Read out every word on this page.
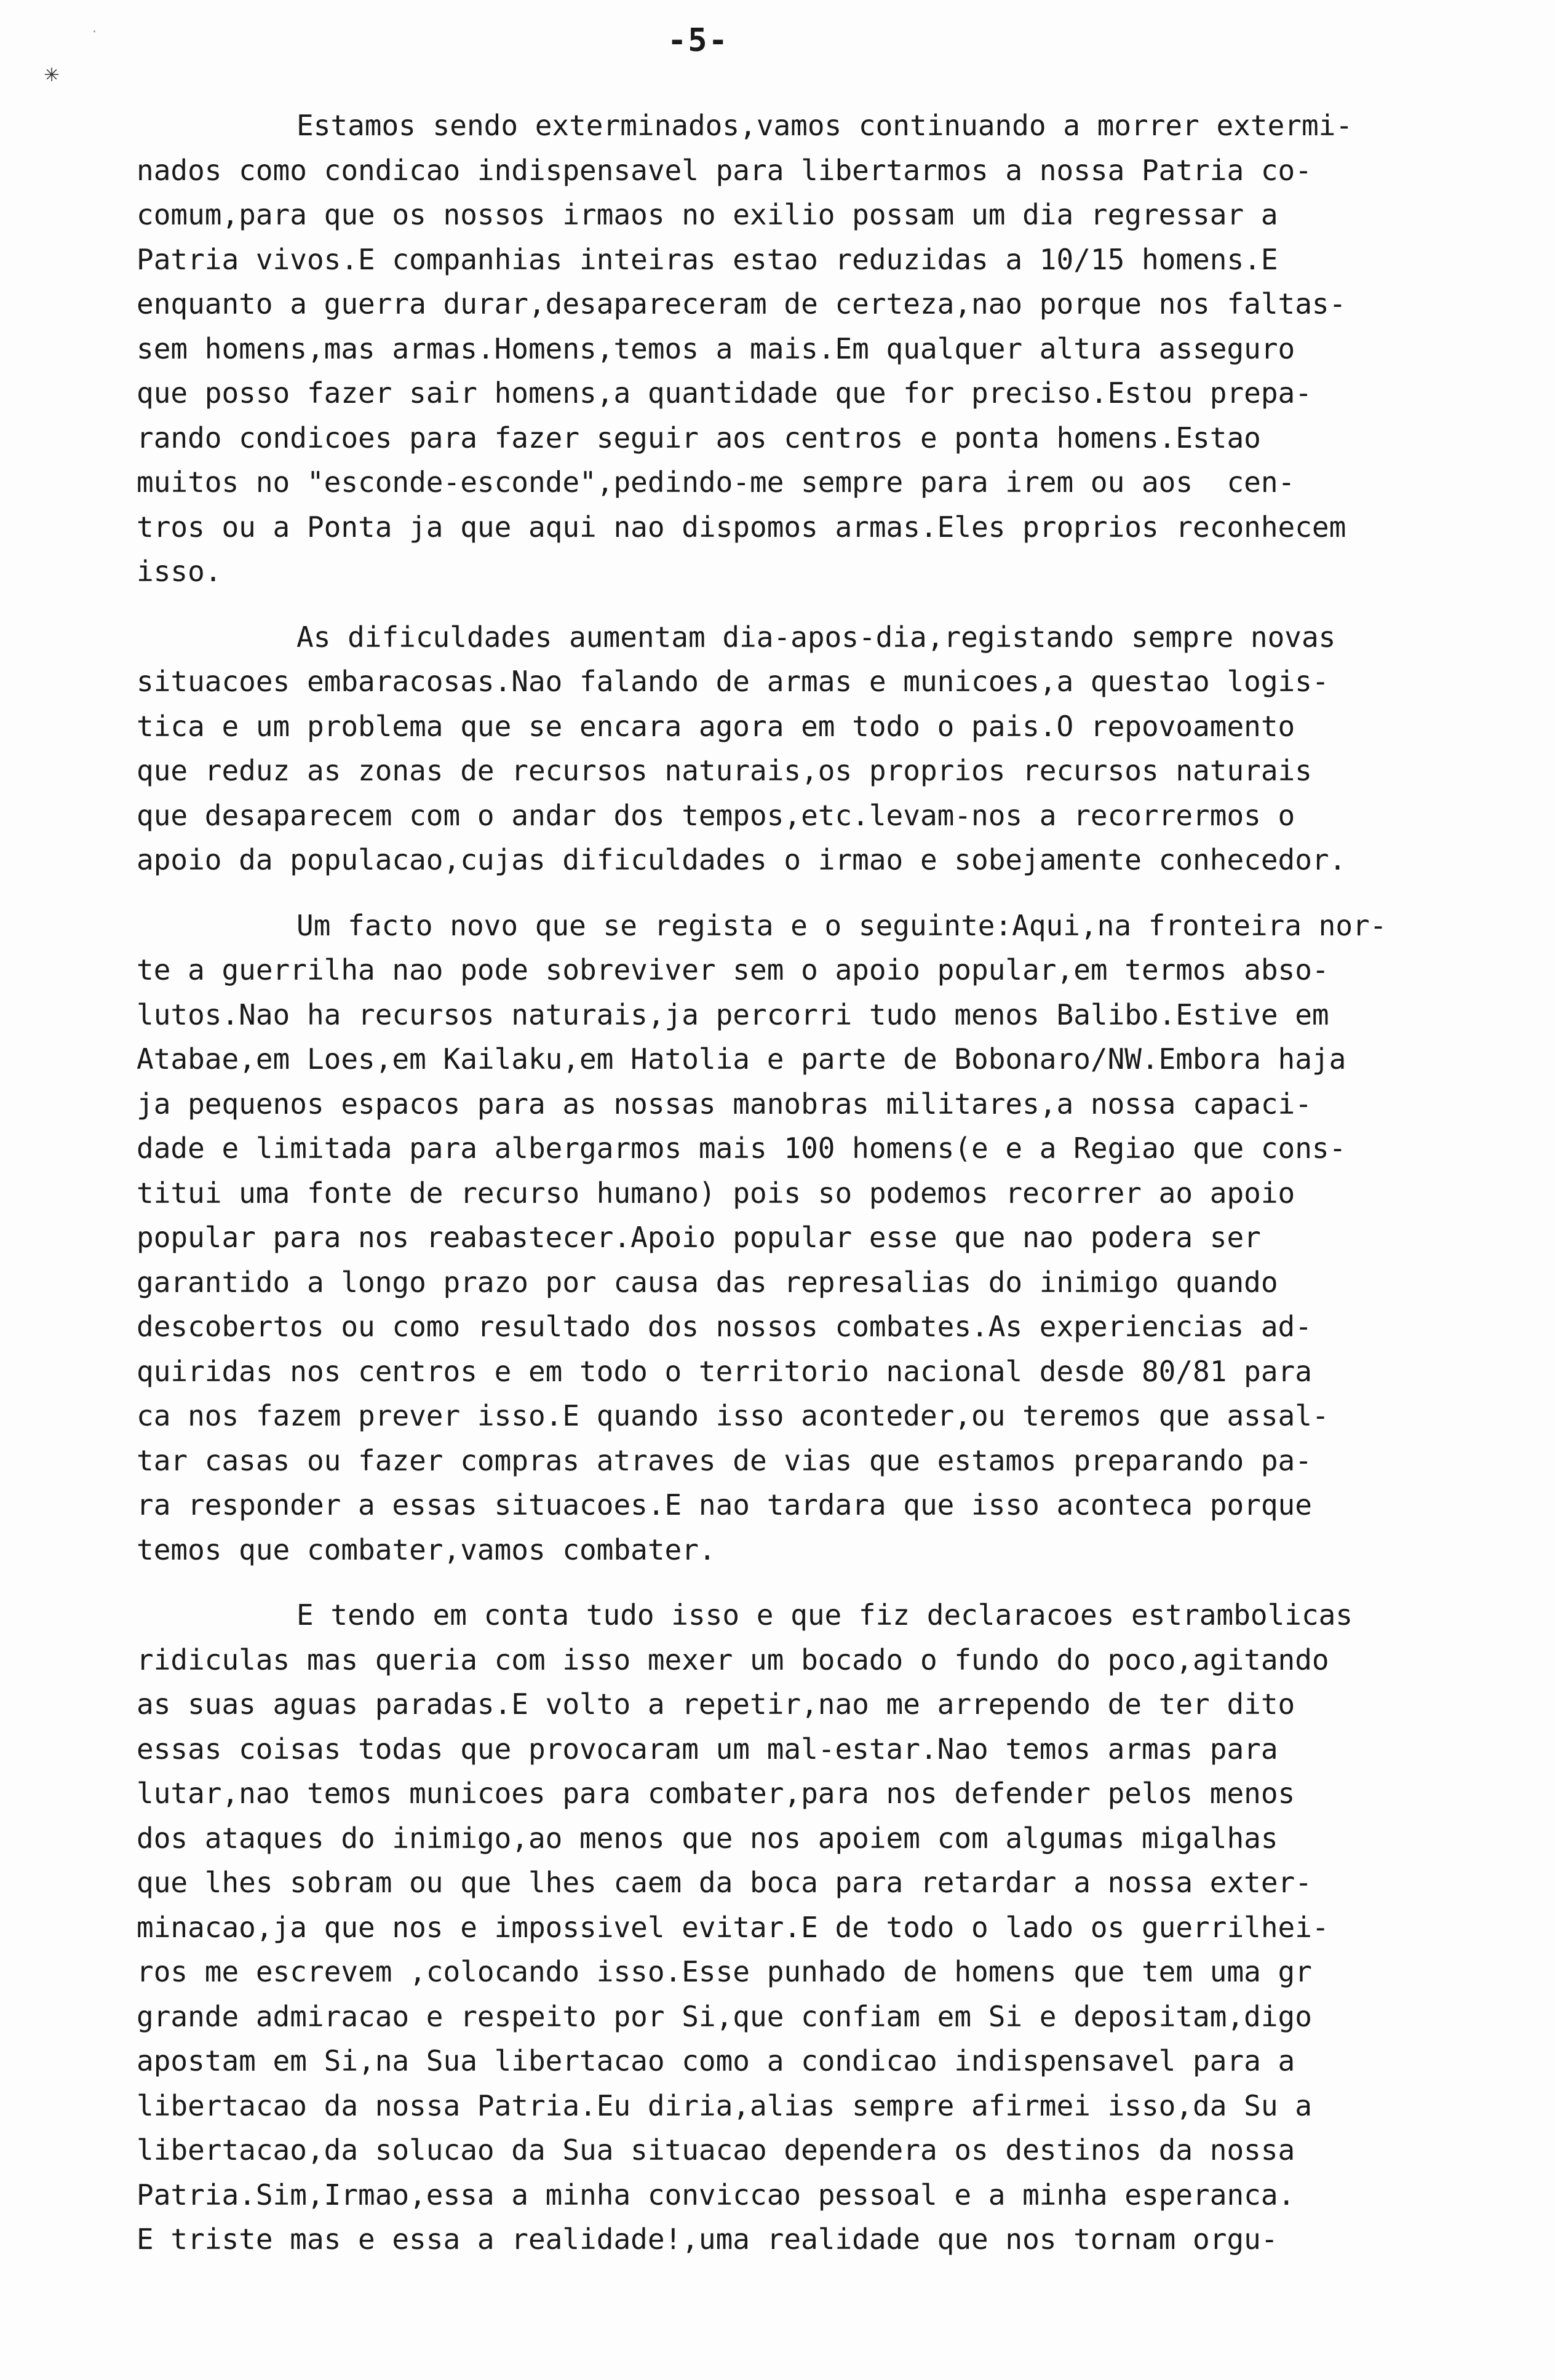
✳
‧	-5-
Estamos sendo exterminados,vamos continuando a morrer extermi-
nados como condicao indispensavel para libertarmos a nossa Patria co-
comum,para que os nossos irmaos no exilio possam um dia regressar a
Patria vivos.E companhias inteiras estao reduzidas a 10/15 homens.E
enquanto a guerra durar,desapareceram de certeza,nao porque nos faltas-
sem homens,mas armas.Homens,temos a mais.Em qualquer altura asseguro
que posso fazer sair homens,a quantidade que for preciso.Estou prepa-
rando condicoes para fazer seguir aos centros e ponta homens.Estao
muitos no "esconde-esconde",pedindo-me sempre para irem ou aos  cen-
tros ou a Ponta ja que aqui nao dispomos armas.Eles proprios reconhecem
isso.
As dificuldades aumentam dia-apos-dia,registando sempre novas
situacoes embaracosas.Nao falando de armas e municoes,a questao logis-
tica e um problema que se encara agora em todo o pais.O repovoamento
que reduz as zonas de recursos naturais,os proprios recursos naturais
que desaparecem com o andar dos tempos,etc.levam-nos a recorrermos o
apoio da populacao,cujas dificuldades o irmao e sobejamente conhecedor.
Um facto novo que se regista e o seguinte:Aqui,na fronteira nor-
te a guerrilha nao pode sobreviver sem o apoio popular,em termos abso-
lutos.Nao ha recursos naturais,ja percorri tudo menos Balibo.Estive em
Atabae,em Loes,em Kailaku,em Hatolia e parte de Bobonaro/NW.Embora haja
ja pequenos espacos para as nossas manobras militares,a nossa capaci-
dade e limitada para albergarmos mais 100 homens(e e a Regiao que cons-
titui uma fonte de recurso humano) pois so podemos recorrer ao apoio
popular para nos reabastecer.Apoio popular esse que nao podera ser
garantido a longo prazo por causa das represalias do inimigo quando
descobertos ou como resultado dos nossos combates.As experiencias ad-
quiridas nos centros e em todo o territorio nacional desde 80/81 para
ca nos fazem prever isso.E quando isso aconteder,ou teremos que assal-
tar casas ou fazer compras atraves de vias que estamos preparando pa-
ra responder a essas situacoes.E nao tardara que isso aconteca porque
temos que combater,vamos combater.
E tendo em conta tudo isso e que fiz declaracoes estrambolicas
ridiculas mas queria com isso mexer um bocado o fundo do poco,agitando
as suas aguas paradas.E volto a repetir,nao me arrependo de ter dito
essas coisas todas que provocaram um mal-estar.Nao temos armas para
lutar,nao temos municoes para combater,para nos defender pelos menos
dos ataques do inimigo,ao menos que nos apoiem com algumas migalhas
que lhes sobram ou que lhes caem da boca para retardar a nossa exter-
minacao,ja que nos e impossivel evitar.E de todo o lado os guerrilhei-
ros me escrevem ,colocando isso.Esse punhado de homens que tem uma gr
grande admiracao e respeito por Si,que confiam em Si e depositam,digo
apostam em Si,na Sua libertacao como a condicao indispensavel para a
libertacao da nossa Patria.Eu diria,alias sempre afirmei isso,da Su a
libertacao,da solucao da Sua situacao dependera os destinos da nossa
Patria.Sim,Irmao,essa a minha conviccao pessoal e a minha esperanca.
E triste mas e essa a realidade!,uma realidade que nos tornam orgu-
